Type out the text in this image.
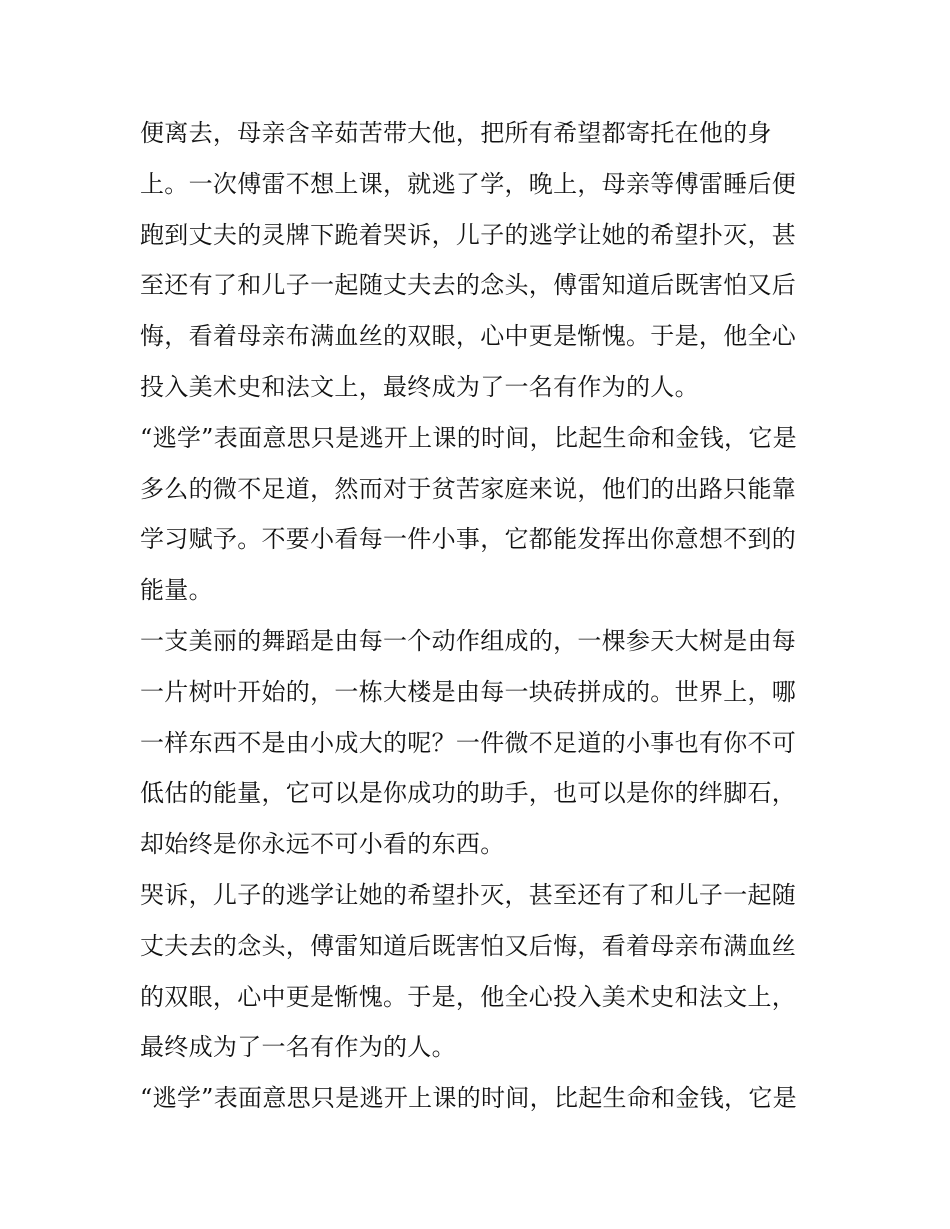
便离去，母亲含辛茹苦带大他，把所有希望都寄托在他的身
上。一次傅雷不想上课，就逃了学，晚上，母亲等傅雷睡后便
跑到丈夫的灵牌下跪着哭诉，儿子的逃学让她的希望扑灭，甚
至还有了和儿子一起随丈夫去的念头，傅雷知道后既害怕又后
悔，看着母亲布满血丝的双眼，心中更是惭愧。于是，他全心
投入美术史和法文上，最终成为了一名有作为的人。
“逃学”表面意思只是逃开上课的时间，比起生命和金钱，它是
多么的微不足道，然而对于贫苦家庭来说，他们的出路只能靠
学习赋予。不要小看每一件小事，它都能发挥出你意想不到的
能量。
一支美丽的舞蹈是由每一个动作组成的，一棵参天大树是由每
一片树叶开始的，一栋大楼是由每一块砖拼成的。世界上，哪
一样东西不是由小成大的呢？一件微不足道的小事也有你不可
低估的能量，它可以是你成功的助手，也可以是你的绊脚石，
却始终是你永远不可小看的东西。
哭诉，儿子的逃学让她的希望扑灭，甚至还有了和儿子一起随
丈夫去的念头，傅雷知道后既害怕又后悔，看着母亲布满血丝
的双眼，心中更是惭愧。于是，他全心投入美术史和法文上，
最终成为了一名有作为的人。
“逃学”表面意思只是逃开上课的时间，比起生命和金钱，它是
